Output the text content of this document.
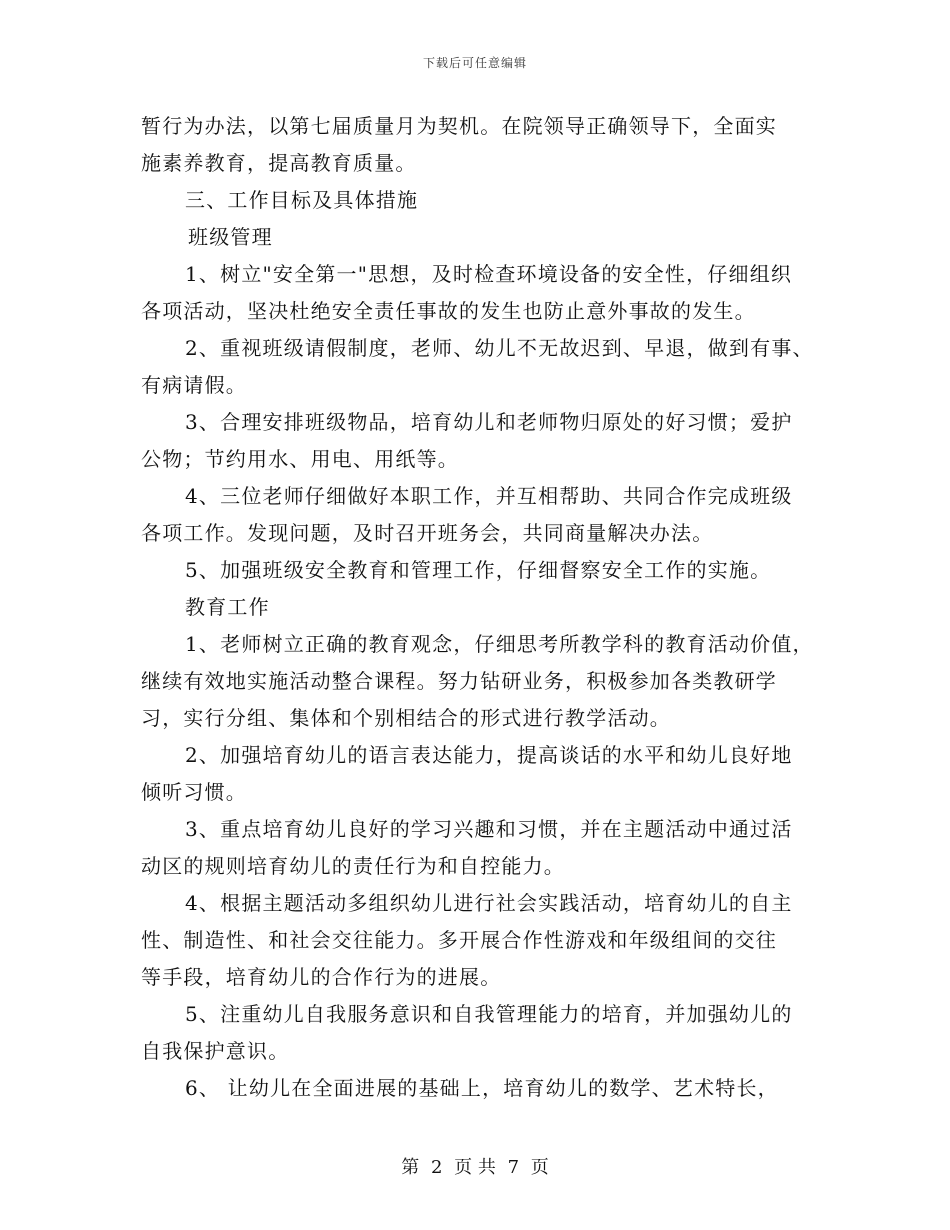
下载后可任意编辑
暂行为办法，以第七届质量月为契机。在院领导正确领导下，全面实
施素养教育，提高教育质量。
三、工作目标及具体措施
班级管理
1、树立"安全第一"思想，及时检查环境设备的安全性，仔细组织
各项活动，坚决杜绝安全责任事故的发生也防止意外事故的发生。
2、重视班级请假制度，老师、幼儿不无故迟到、早退，做到有事、
有病请假。
3、合理安排班级物品，培育幼儿和老师物归原处的好习惯；爱护
公物；节约用水、用电、用纸等。
4、三位老师仔细做好本职工作，并互相帮助、共同合作完成班级
各项工作。发现问题，及时召开班务会，共同商量解决办法。
5、加强班级安全教育和管理工作，仔细督察安全工作的实施。
教育工作
1、老师树立正确的教育观念，仔细思考所教学科的教育活动价值，
继续有效地实施活动整合课程。努力钻研业务，积极参加各类教研学
习，实行分组、集体和个别相结合的形式进行教学活动。
2、加强培育幼儿的语言表达能力，提高谈话的水平和幼儿良好地
倾听习惯。
3、重点培育幼儿良好的学习兴趣和习惯，并在主题活动中通过活
动区的规则培育幼儿的责任行为和自控能力。
4、根据主题活动多组织幼儿进行社会实践活动，培育幼儿的自主
性、制造性、和社会交往能力。多开展合作性游戏和年级组间的交往
等手段，培育幼儿的合作行为的进展。
5、注重幼儿自我服务意识和自我管理能力的培育，并加强幼儿的
自我保护意识。
6、 让幼儿在全面进展的基础上，培育幼儿的数学、艺术特长，
第 2 页 共 7 页
